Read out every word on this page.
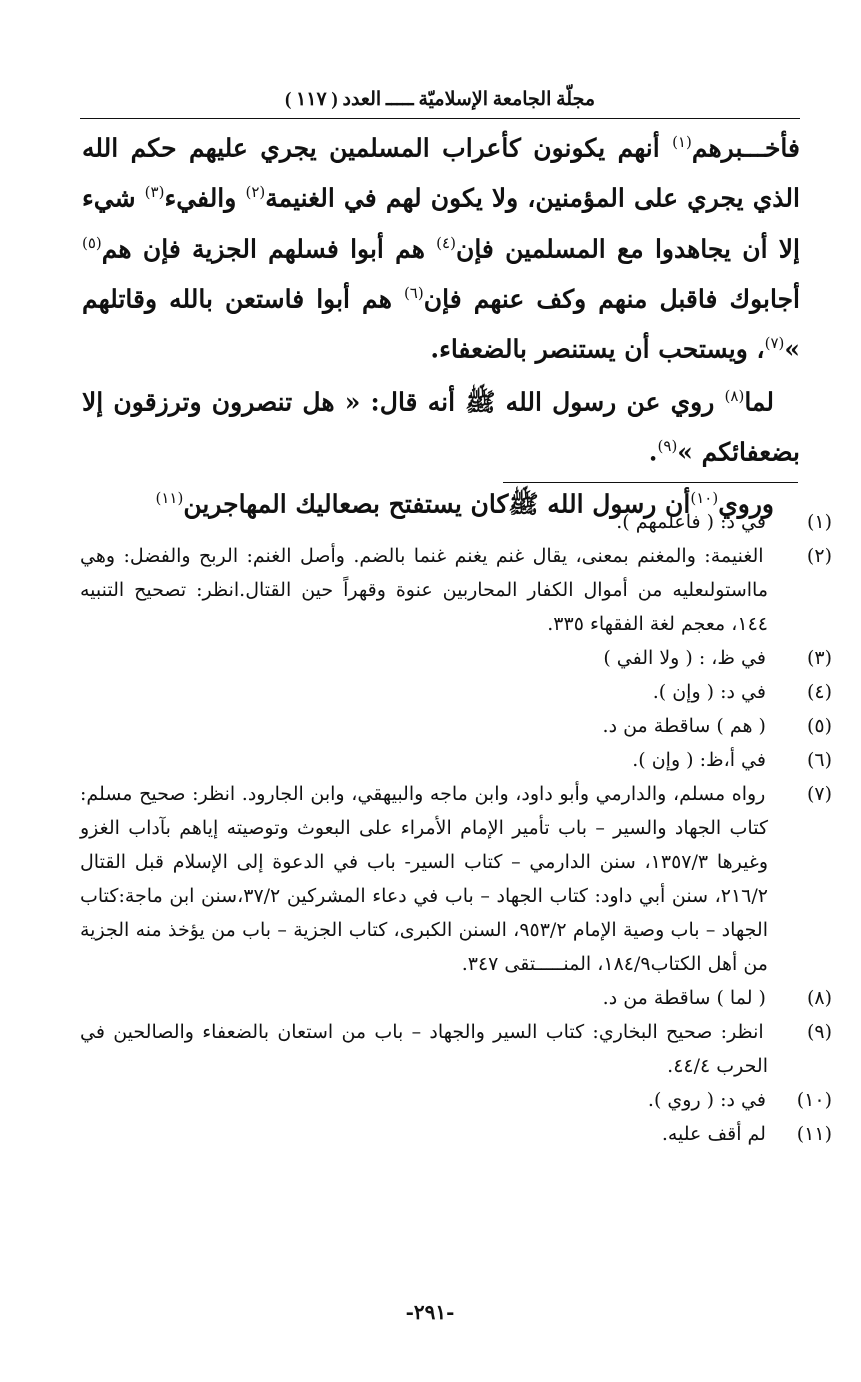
مجلّة الجامعة الإسلاميّة ـــــ العدد ( ١١٧ )

فأخـــبرهم$^{(١)}$ أنهم يكونون كأعراب المسلمين يجري عليهم حكم الله الذي يجري على المؤمنين، ولا يكون لهم في الغنيمة$^{(٢)}$ والفيء$^{(٣)}$ شيء إلا أن يجاهدوا مع المسلمين فإن$^{(٤)}$ هم أبوا فسلهم الجزية فإن هم$^{(٥)}$ أجابوك فاقبل منهم وكف عنهم فإن$^{(٦)}$ هم أبوا فاستعن بالله وقاتلهم »$^{(٧)}$، ويستحب أن يستنصر بالضعفاء.

لما$^{(٨)}$ روي عن رسول الله ﷺ أنه قال: « هل تنصرون وترزقون إلا بضعفائكم »$^{(٩)}$.

وروي$^{(١٠)}$أن رسول الله ﷺكان يستفتح بصعاليك المهاجرين$^{(١١)}$

(١) في د: ( فاعلمهم ).
(٢) الغنيمة: والمغنم بمعنى، يقال غنم يغنم غنما بالضم. وأصل الغنم: الربح والفضل: وهي مااستولىعليه من أموال الكفار المحاربين عنوة وقهراً حين القتال.انظر: تصحيح التنبيه ١٤٤، معجم لغة الفقهاء ٣٣٥.
(٣) في ظ، : ( ولا الفي )
(٤) في د: ( وإن ).
(٥) ( هم ) ساقطة من د.
(٦) في أ،ظ: ( وإن ).
(٧) رواه مسلم، والدارمي وأبو داود، وابن ماجه والبيهقي، وابن الجارود. انظر: صحيح مسلم: كتاب الجهاد والسير – باب تأمير الإمام الأمراء على البعوث وتوصيته إياهم بآداب الغزو وغيرها ١٣٥٧/٣، سنن الدارمي – كتاب السير- باب في الدعوة إلى الإسلام قبل القتال ٢١٦/٢، سنن أبي داود: كتاب الجهاد – باب في دعاء المشركين ٣٧/٢،سنن ابن ماجة:كتاب الجهاد – باب وصية الإمام ٩٥٣/٢، السنن الكبرى، كتاب الجزية – باب من يؤخذ منه الجزية من أهل الكتاب١٨٤/٩، المنـــــتقى ٣٤٧.
(٨) ( لما ) ساقطة من د.
(٩) انظر: صحيح البخاري: كتاب السير والجهاد – باب من استعان بالضعفاء والصالحين في الحرب ٤٤/٤.
(١٠) في د: ( روي ).
(١١) لم أقف عليه.
-٢٩١-
